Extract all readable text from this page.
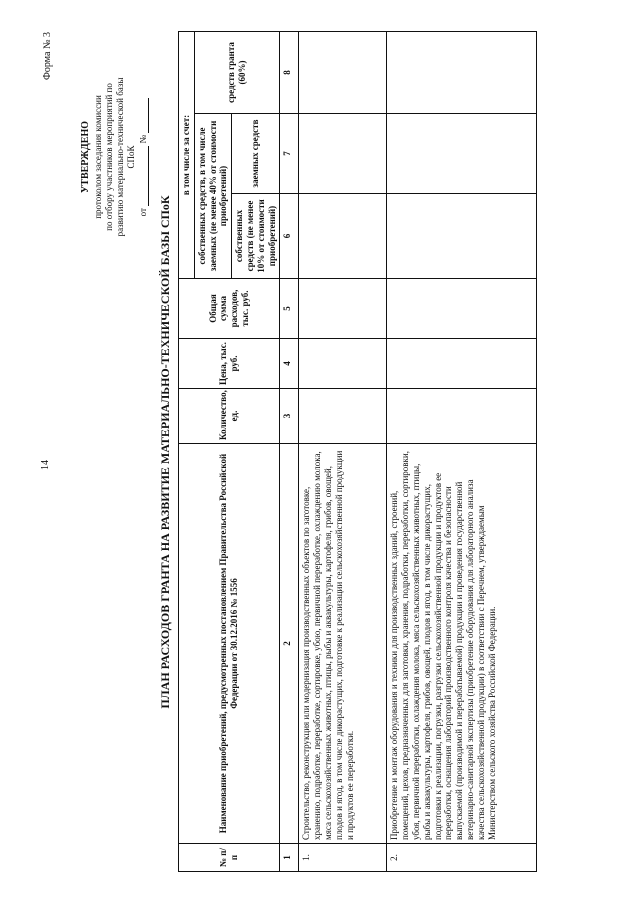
14
Форма № 3
УТВЕРЖДЕНО протоколом заседания комиссии по отбору участников мероприятий по развитию материально-технической базы СПоК
от  №
ПЛАН РАСХОДОВ ГРАНТА НА РАЗВИТИЕ МАТЕРИАЛЬНО-ТЕХНИЧЕСКОЙ БАЗЫ СПоК
№ п/п	Наименование приобретений, предусмотренных постановлением Правительства Российской Федерации от 30.12.2016 № 1556	Количество, ед.	Цена, тыс. руб.	Общая сумма расходов, тыс. руб.	в том числе за счет:		
					собственных средств, в том числе заемных (не менее 40% от стоимости приобретений)		средств гранта (60%)
					собственных средств (не менее 10% от стоимости приобретений)	заемных средств	
1	2	3	4	5	6	7	8
1.	Строительство, реконструкция или модернизация производственных объектов по заготовке, хранению, подработке, переработке, сортировке, убою, первичной переработке, охлаждению молока, мяса сельскохозяйственных животных, птицы, рыбы и аквакультуры, картофеля, грибов, овощей, плодов и ягод, в том числе дикорастущих, подготовке к реализации сельскохозяйственной продукции и продуктов ее переработки.						
2.	Приобретение и монтаж оборудования и техники для производственных зданий, строений, помещений, цехов, предназначенных для заготовки, хранения, подработки, переработки, сортировки, убоя, первичной переработки, охлаждения молока, мяса сельскохозяйственных животных, птицы, рыбы и аквакультуры, картофеля, грибов, овощей, плодов и ягод, в том числе дикорастущих, подготовки к реализации, погрузки, разгрузки сельскохозяйственной продукции и продуктов ее переработки, оснащения лабораторий производственного контроля качества и безопасности выпускаемой (производимой и перерабатываемой) продукции и проведения государственной ветеринарно-санитарной экспертизы (приобретение оборудования для лабораторного анализа качества сельскохозяйственной продукции) в соответствии с Перечнем, утверждаемым Министерством сельского хозяйства Российской Федерации.						
